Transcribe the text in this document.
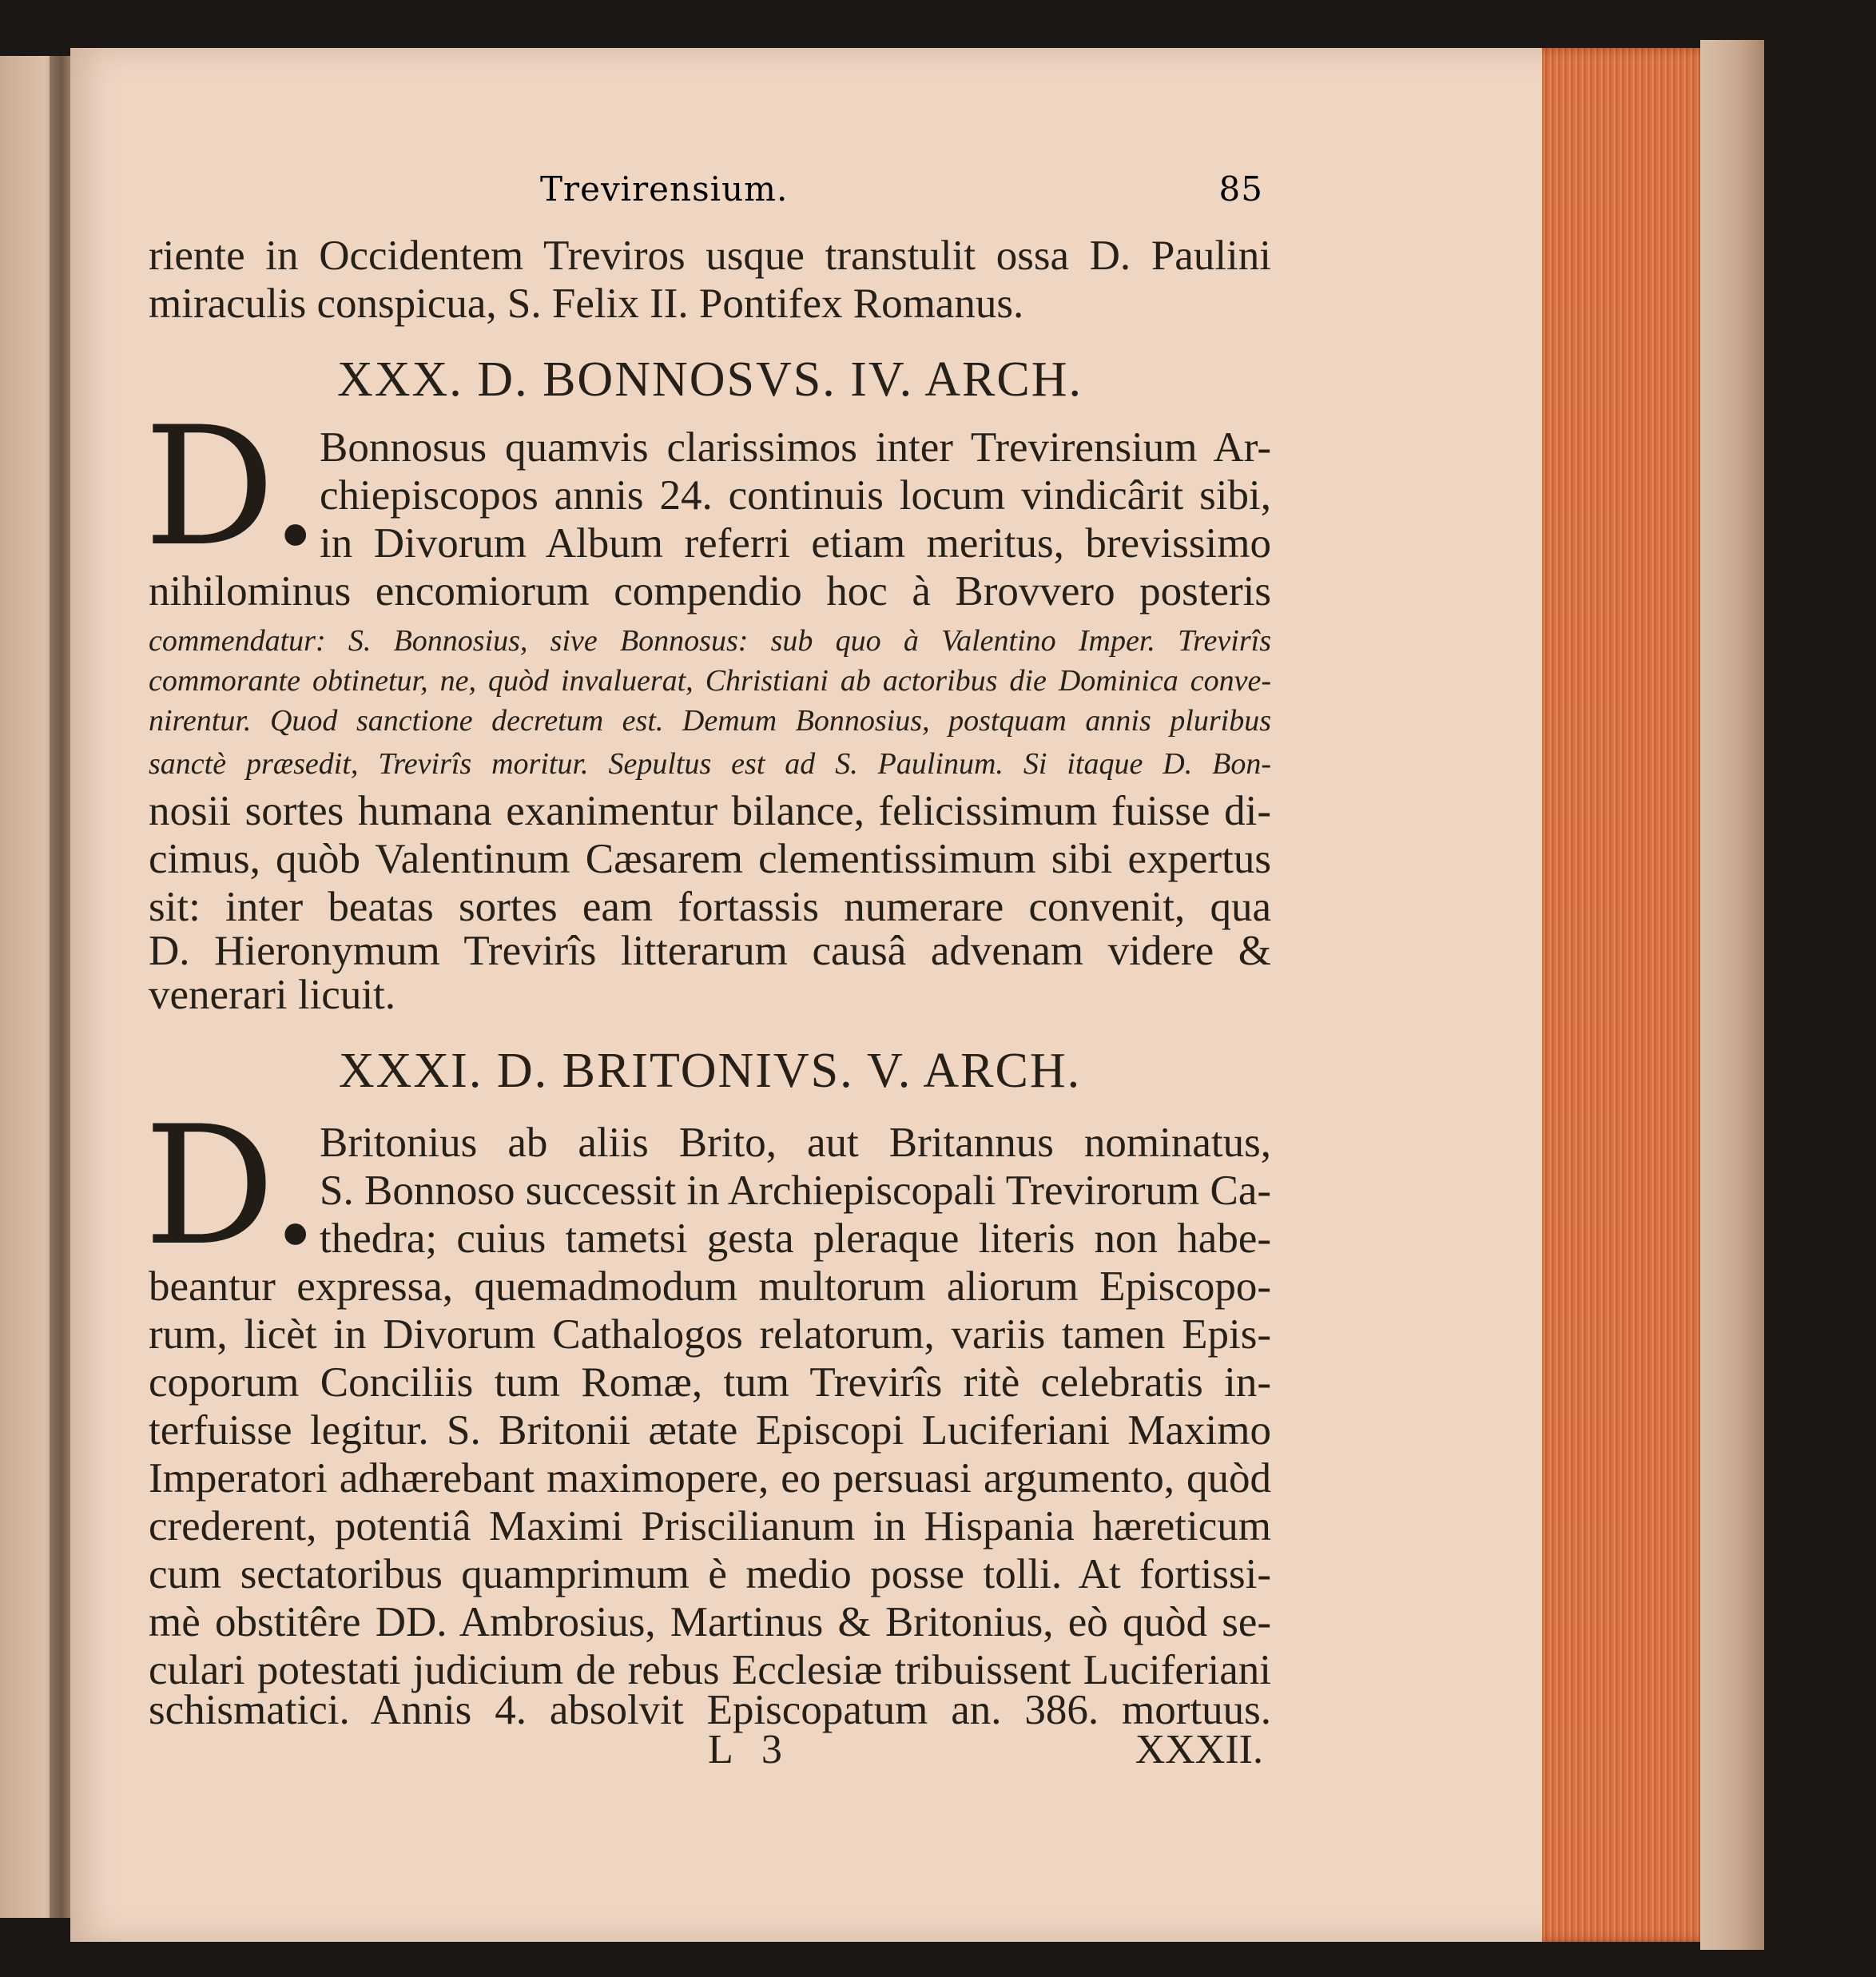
Trevirensium.	85
riente in Occidentem Treviros usque transtulit ossa D. Paulini
miraculis conspicua, S. Felix II. Pontifex Romanus.
XXX. D. BONNOSVS. IV. ARCH.
D.
Bonnosus quamvis clarissimos inter Trevirensium Ar-
chiepiscopos annis 24. continuis locum vindicârit sibi,
in Divorum Album referri etiam meritus, brevissimo
nihilominus encomiorum compendio hoc à Brovvero posteris
commendatur: S. Bonnosius, sive Bonnosus: sub quo à Valentino Imper. Trevirîs
commorante obtinetur, ne, quòd invaluerat, Christiani ab actoribus die Dominica conve-
nirentur. Quod sanctione decretum est. Demum Bonnosius, postquam annis pluribus
sanctè præsedit, Trevirîs moritur. Sepultus est ad S. Paulinum. Si itaque D. Bon-
nosii sortes humana exanimentur bilance, felicissimum fuisse di-
cimus, quòb Valentinum Cæsarem clementissimum sibi expertus
sit: inter beatas sortes eam fortassis numerare convenit, qua
D. Hieronymum Trevirîs litterarum causâ advenam videre &
venerari licuit.
XXXI. D. BRITONIVS. V. ARCH.
D.
Britonius ab aliis Brito, aut Britannus nominatus,
S. Bonnoso successit in Archiepiscopali Trevirorum Ca-
thedra; cuius tametsi gesta pleraque literis non habe-
beantur expressa, quemadmodum multorum aliorum Episcopo-
rum, licèt in Divorum Cathalogos relatorum, variis tamen Epis-
coporum Conciliis tum Romæ, tum Trevirîs ritè celebratis in-
terfuisse legitur. S. Britonii ætate Episcopi Luciferiani Maximo
Imperatori adhærebant maximopere, eo persuasi argumento, quòd
crederent, potentiâ Maximi Priscilianum in Hispania hæreticum
cum sectatoribus quamprimum è medio posse tolli. At fortissi-
mè obstitêre DD. Ambrosius, Martinus & Britonius, eò quòd se-
culari potestati judicium de rebus Ecclesiæ tribuissent Luciferiani
schismatici. Annis 4. absolvit Episcopatum an. 386. mortuus.
L 3	XXXII.
